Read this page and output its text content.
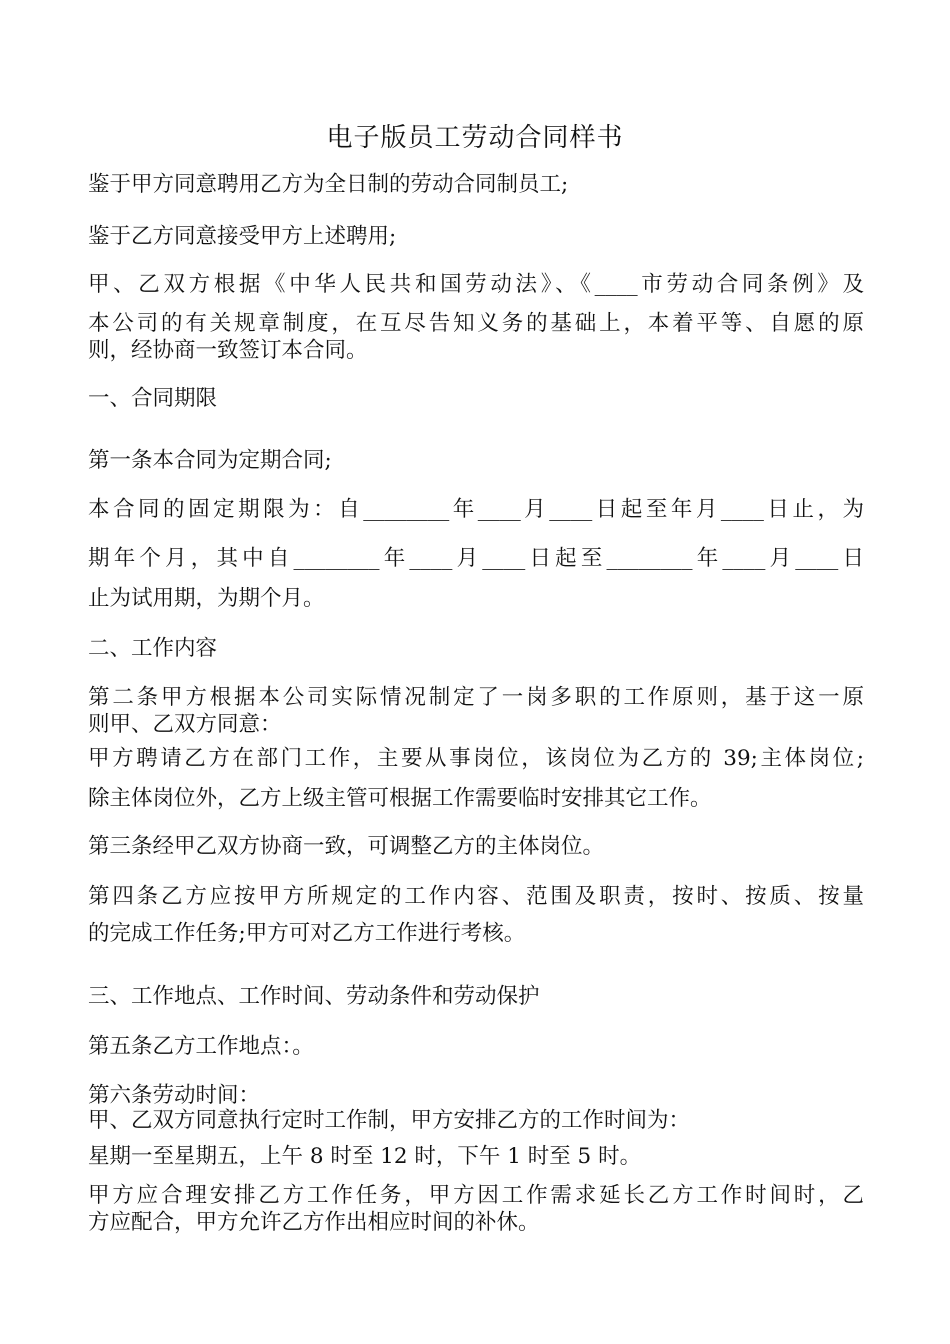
电子版员工劳动合同样书
鉴于甲方同意聘用乙方为全日制的劳动合同制员工;
鉴于乙方同意接受甲方上述聘用;
甲、乙双方根据《中华人民共和国劳动法》、《____市劳动合同条例》及
本公司的有关规章制度，在互尽告知义务的基础上，本着平等、自愿的原
则，经协商一致签订本合同。
一、合同期限
第一条本合同为定期合同;
本合同的固定期限为：自________年____月____日起至年月____日止，为
期年个月，其中自________年____月____日起至________年____月____日
止为试用期，为期个月。
二、工作内容
第二条甲方根据本公司实际情况制定了一岗多职的工作原则，基于这一原
则甲、乙双方同意：
甲方聘请乙方在部门工作，主要从事岗位，该岗位为乙方的 39;主体岗位;
除主体岗位外，乙方上级主管可根据工作需要临时安排其它工作。
第三条经甲乙双方协商一致，可调整乙方的主体岗位。
第四条乙方应按甲方所规定的工作内容、范围及职责，按时、按质、按量
的完成工作任务;甲方可对乙方工作进行考核。
三、工作地点、工作时间、劳动条件和劳动保护
第五条乙方工作地点：。
第六条劳动时间：
甲、乙双方同意执行定时工作制，甲方安排乙方的工作时间为：
星期一至星期五，上午 8 时至 12 时，下午 1 时至 5 时。
甲方应合理安排乙方工作任务，甲方因工作需求延长乙方工作时间时，乙
方应配合，甲方允许乙方作出相应时间的补休。
